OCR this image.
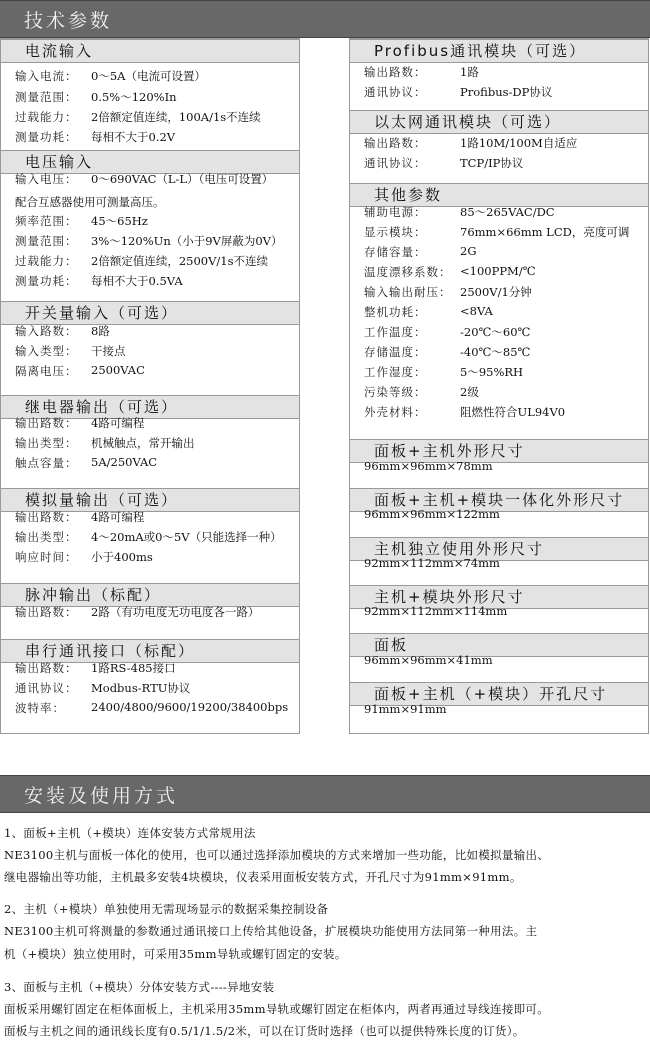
技术参数
电流输入
输入电流： 0～5A（电流可设置）
测量范围： 0.5%～120%In
过载能力： 2倍额定值连续，100A/1s不连续
测量功耗： 每相不大于0.2V
电压输入
输入电压： 0～690VAC（L-L）（电压可设置）
配合互感器使用可测量高压。
频率范围： 45～65Hz
测量范围： 3%～120%Un（小于9V屏蔽为0V）
过载能力： 2倍额定值连续，2500V/1s不连续
测量功耗： 每相不大于0.5VA
开关量输入（可选）
输入路数： 8路
输入类型： 干接点
隔离电压： 2500VAC
继电器输出（可选）
输出路数： 4路可编程
输出类型： 机械触点，常开输出
触点容量： 5A/250VAC
模拟量输出（可选）
输出路数： 4路可编程
输出类型： 4～20mA或0～5V（只能选择一种）
响应时间： 小于400ms
脉冲输出（标配）
输出路数： 2路（有功电度无功电度各一路）
串行通讯接口（标配）
输出路数： 1路RS-485接口
通讯协议： Modbus-RTU协议
波特率： 2400/4800/9600/19200/38400bps
Profibus通讯模块（可选）
输出路数：	1路
通讯协议：	Profibus-DP协议
以太网通讯模块（可选）
输出路数：	1路10M/100M自适应
通讯协议：	TCP/IP协议
其他参数
辅助电源：	85～265VAC/DC
显示模块：	76mm×66mm LCD，亮度可调
存储容量：	2G
温度漂移系数： <100PPM/℃
输入输出耐压： 2500V/1分钟
整机功耗：	<8VA
工作温度：	-20℃～60℃
存储温度：	-40℃～85℃
工作湿度：	5～95%RH
污染等级：	2级
外壳材料：	阻燃性符合UL94V0
面板+主机外形尺寸
96mm×96mm×78mm
面板+主机+模块一体化外形尺寸
96mm×96mm×122mm
主机独立使用外形尺寸
92mm×112mm×74mm
主机+模块外形尺寸
92mm×112mm×114mm
面板
96mm×96mm×41mm
面板+主机（+模块）开孔尺寸
91mm×91mm
安装及使用方式
1、面板+主机（+模块）连体安装方式常规用法
NE3100主机与面板一体化的使用，也可以通过选择添加模块的方式来增加一些功能，比如模拟量输出、
继电器输出等功能，主机最多安装4块模块，仪表采用面板安装方式，开孔尺寸为91mm×91mm。
2、主机（+模块）单独使用无需现场显示的数据采集控制设备
NE3100主机可将测量的参数通过通讯接口上传给其他设备，扩展模块功能使用方法同第一种用法。主
机（+模块）独立使用时，可采用35mm导轨或螺钉固定的安装。
3、面板与主机（+模块）分体安装方式----异地安装
面板采用螺钉固定在柜体面板上，主机采用35mm导轨或螺钉固定在柜体内，两者再通过导线连接即可。
面板与主机之间的通讯线长度有0.5/1/1.5/2米，可以在订货时选择（也可以提供特殊长度的订货）。
